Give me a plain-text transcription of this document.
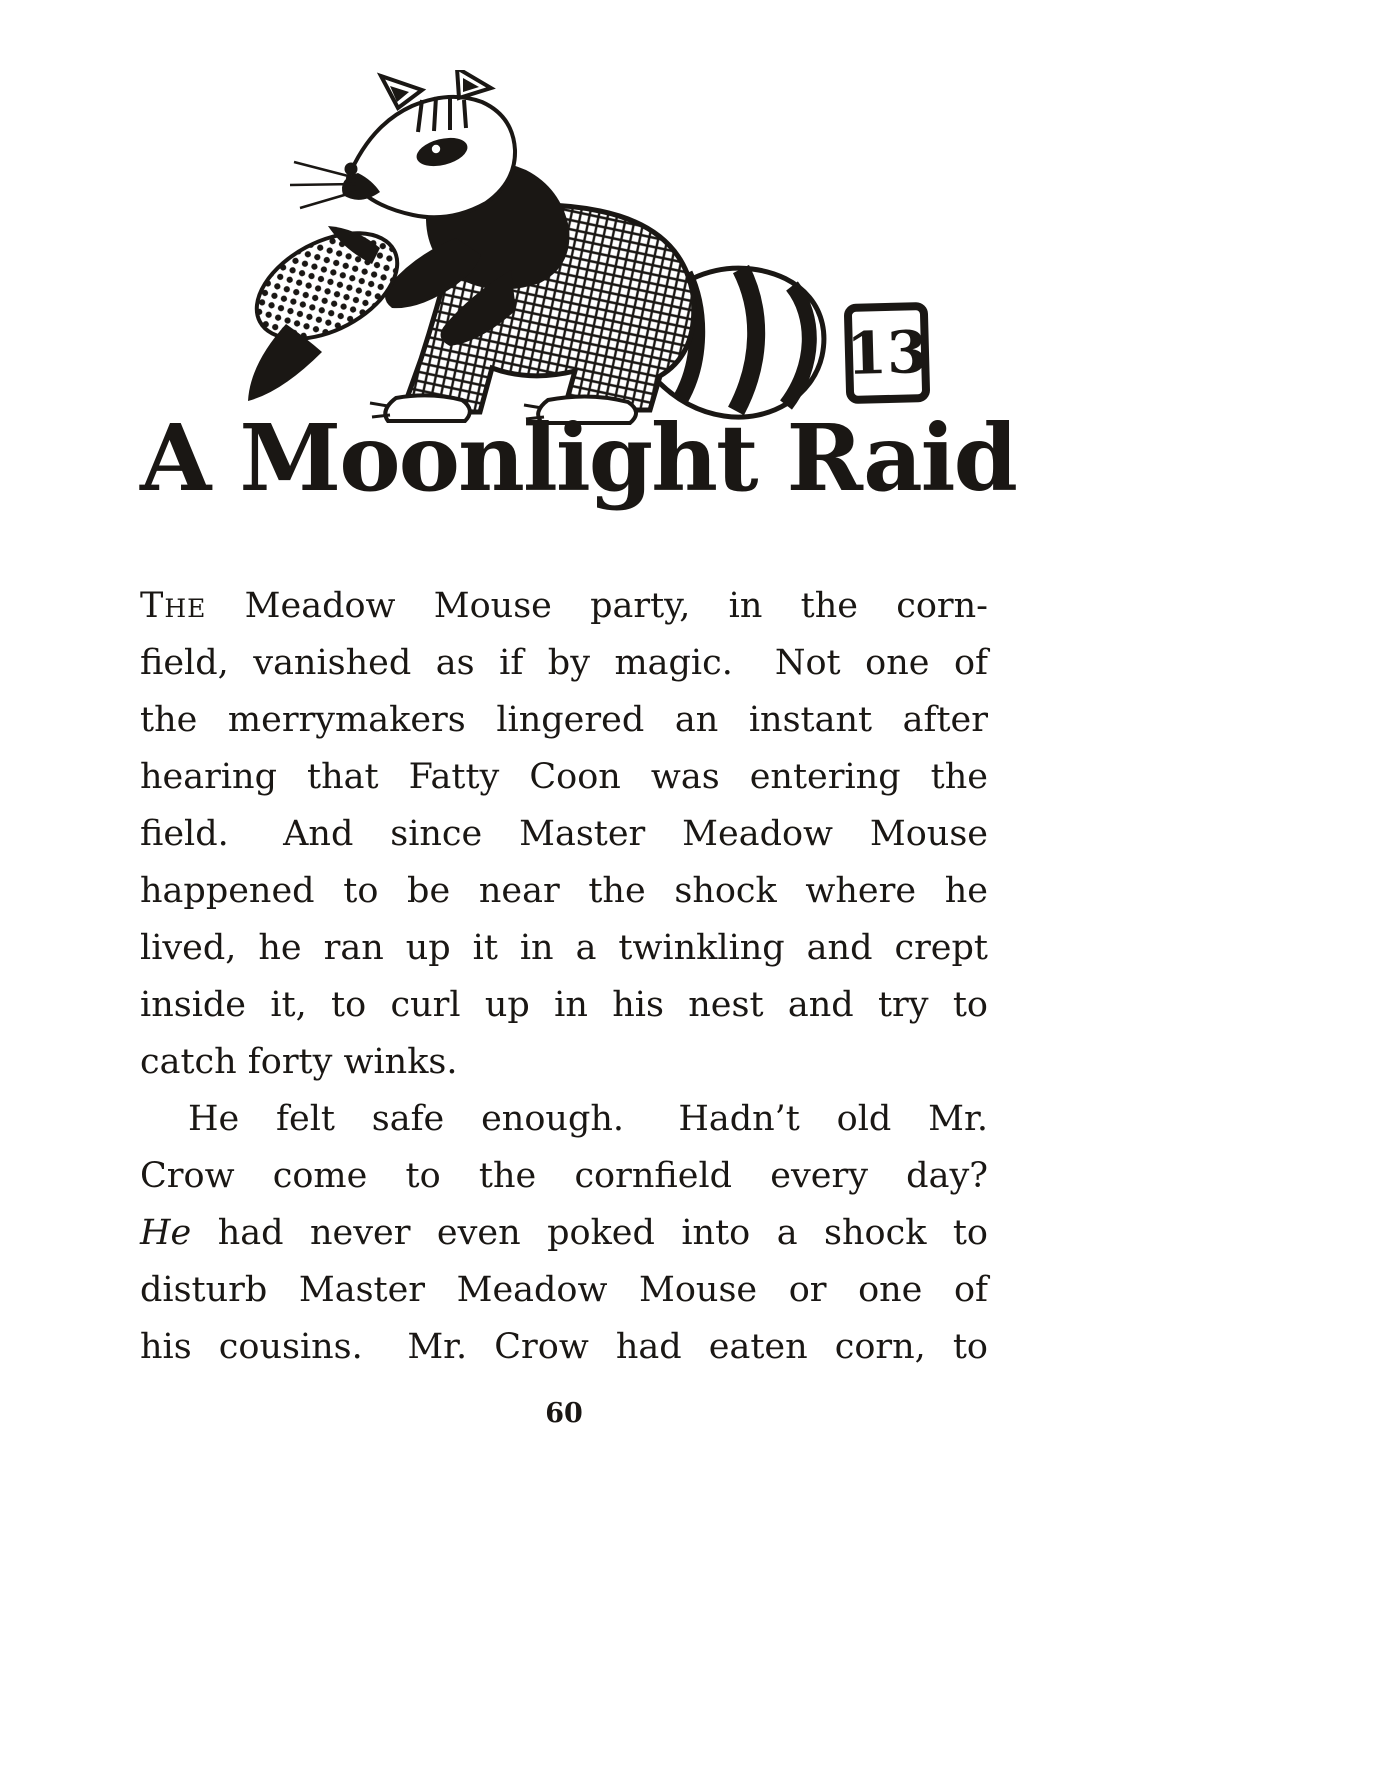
13
A Moonlight Raid
The Meadow Mouse party, in the corn-
field, vanished as if by magic.  Not one of
the merrymakers lingered an instant after
hearing that Fatty Coon was entering the
field.  And since Master Meadow Mouse
happened to be near the shock where he
lived, he ran up it in a twinkling and crept
inside it, to curl up in his nest and try to
catch forty winks.
He felt safe enough.  Hadn’t old Mr.
Crow come to the cornfield every day?
He had never even poked into a shock to
disturb Master Meadow Mouse or one of
his cousins.  Mr. Crow had eaten corn, to
60
